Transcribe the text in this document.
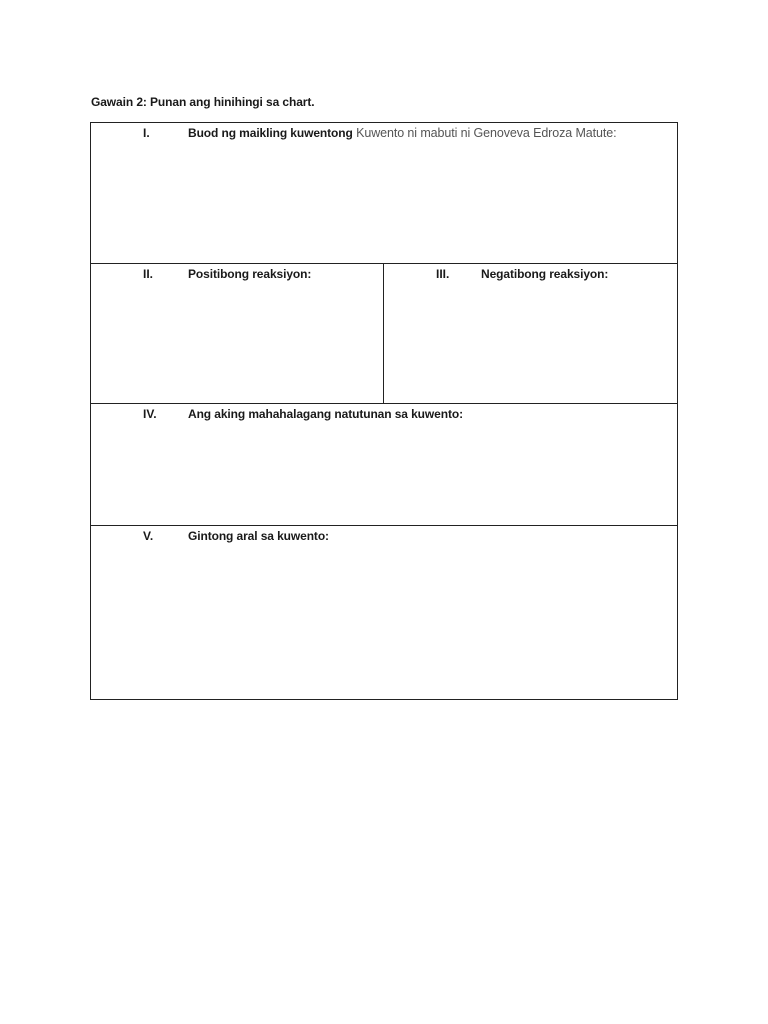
Gawain 2: Punan ang hinihingi sa chart.
I.	Buod ng maikling kuwentong Kuwento ni mabuti ni Genoveva Edroza Matute:
II.	Positibong reaksiyon:	III.	Negatibong reaksiyon:
IV.	Ang aking mahahalagang natutunan sa kuwento:
V.	Gintong aral sa kuwento:
